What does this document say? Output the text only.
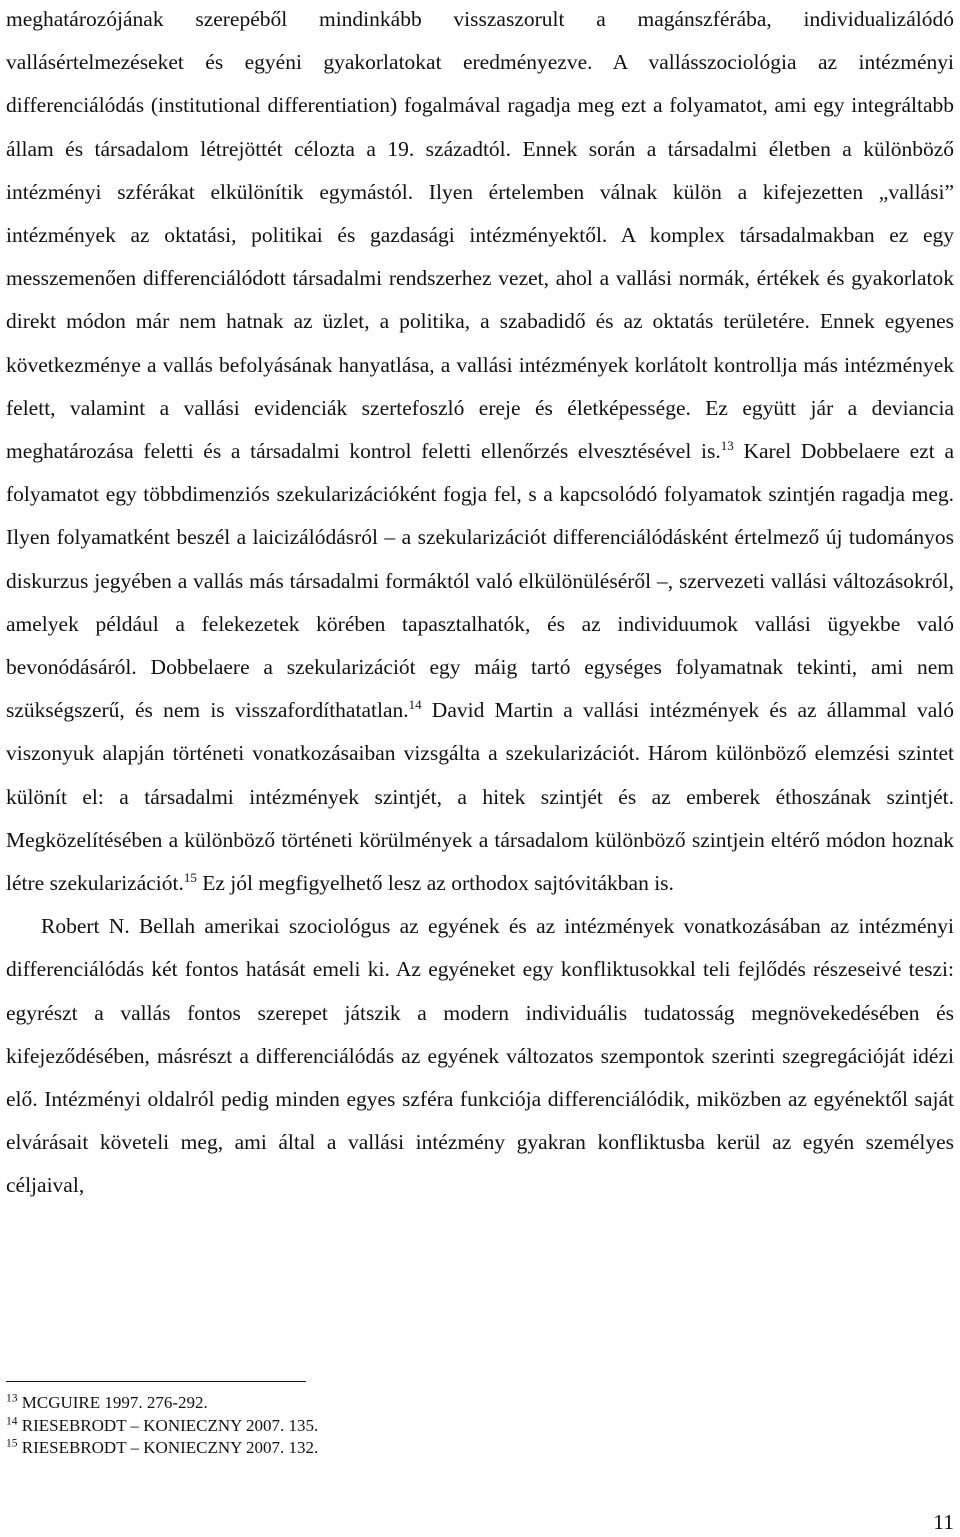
meghatározójának szerepéből mindinkább visszaszorult a magánszférába, individualizálódó vallásértelmezéseket és egyéni gyakorlatokat eredményezve. A vallásszociológia az intézményi differenciálódás (institutional differentiation) fogalmával ragadja meg ezt a folyamatot, ami egy integráltabb állam és társadalom létrejöttét célozta a 19. századtól. Ennek során a társadalmi életben a különböző intézményi szférákat elkülönítik egymástól. Ilyen értelemben válnak külön a kifejezetten „vallási” intézmények az oktatási, politikai és gazdasági intézményektől. A komplex társadalmakban ez egy messzemenően differenciálódott társadalmi rendszerhez vezet, ahol a vallási normák, értékek és gyakorlatok direkt módon már nem hatnak az üzlet, a politika, a szabadidő és az oktatás területére. Ennek egyenes következménye a vallás befolyásának hanyatlása, a vallási intézmények korlátolt kontrollja más intézmények felett, valamint a vallási evidenciák szertefoszló ereje és életképessége. Ez együtt jár a deviancia meghatározása feletti és a társadalmi kontrol feletti ellenőrzés elvesztésével is.$^{13}$ Karel Dobbelaere ezt a folyamatot egy többdimenziós szekularizációként fogja fel, s a kapcsolódó folyamatok szintjén ragadja meg. Ilyen folyamatként beszél a laicizálódásról – a szekularizációt differenciálódásként értelmező új tudományos diskurzus jegyében a vallás más társadalmi formáktól való elkülönüléséről –, szervezeti vallási változásokról, amelyek például a felekezetek körében tapasztalhatók, és az individuumok vallási ügyekbe való bevonódásáról. Dobbelaere a szekularizációt egy máig tartó egységes folyamatnak tekinti, ami nem szükségszerű, és nem is visszafordíthatatlan.$^{14}$ David Martin a vallási intézmények és az állammal való viszonyuk alapján történeti vonatkozásaiban vizsgálta a szekularizációt. Három különböző elemzési szintet különít el: a társadalmi intézmények szintjét, a hitek szintjét és az emberek éthoszának szintjét. Megközelítésében a különböző történeti körülmények a társadalom különböző szintjein eltérő módon hoznak létre szekularizációt.$^{15}$ Ez jól megfigyelhető lesz az orthodox sajtóvitákban is.

Robert N. Bellah amerikai szociológus az egyének és az intézmények vonatkozásában az intézményi differenciálódás két fontos hatását emeli ki. Az egyéneket egy konfliktusokkal teli fejlődés részeseivé teszi: egyrészt a vallás fontos szerepet játszik a modern individuális tudatosság megnövekedésében és kifejeződésében, másrészt a differenciálódás az egyének változatos szempontok szerinti szegregációját idézi elő. Intézményi oldalról pedig minden egyes szféra funkciója differenciálódik, miközben az egyénektől saját elvárásait követeli meg, ami által a vallási intézmény gyakran konfliktusba kerül az egyén személyes céljaival,

$^{13}$ MCGUIRE 1997. 276-292.

$^{14}$ RIESEBRODT – KONIECZNY 2007. 135.

$^{15}$ RIESEBRODT – KONIECZNY 2007. 132.

11
